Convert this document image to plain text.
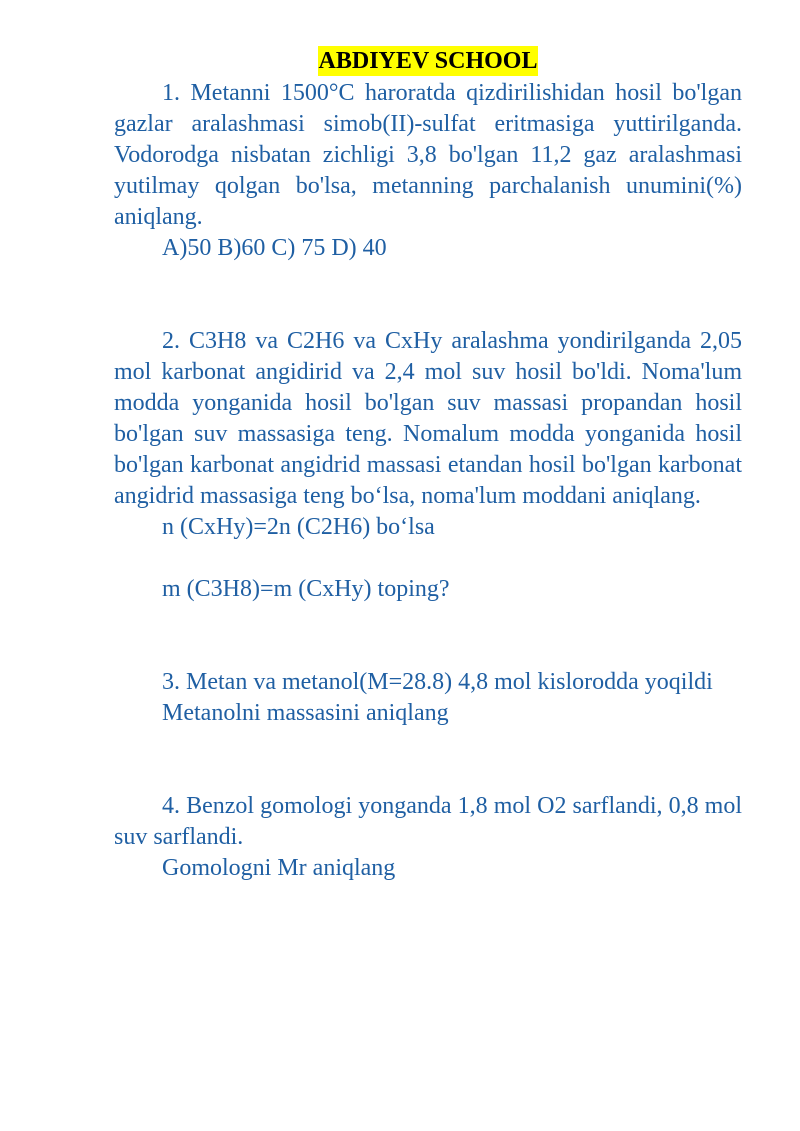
ABDIYEV SCHOOL

1. Metanni 1500°C haroratda qizdirilishidan hosil bo'lgan gazlar aralashmasi simob(II)-sulfat eritmasiga yuttirilganda. Vodorodga nisbatan zichligi 3,8 bo'lgan 11,2 gaz aralashmasi yutilmay qolgan bo'lsa, metanning parchalanish unumini(%) aniqlang.

A)50 B)60 C) 75 D) 40

2. C3H8 va C2H6 va CxHy aralashma yondirilganda 2,05 mol karbonat angidirid va 2,4 mol suv hosil bo'ldi. Noma'lum modda yonganida hosil bo'lgan suv massasi propandan hosil bo'lgan suv massasiga teng. Nomalum modda yonganida hosil bo'lgan karbonat angidrid massasi etandan hosil bo'lgan karbonat angidrid massasiga teng bo‘lsa, noma'lum moddani aniqlang.

n (CxHy)=2n (C2H6) bo‘lsa

m (C3H8)=m (CxHy) toping?

3. Metan va metanol(M=28.8) 4,8 mol kislorodda yoqildi

Metanolni massasini aniqlang

4. Benzol gomologi yonganda 1,8 mol O2 sarflandi, 0,8 mol suv sarflandi.

Gomologni Mr aniqlang
